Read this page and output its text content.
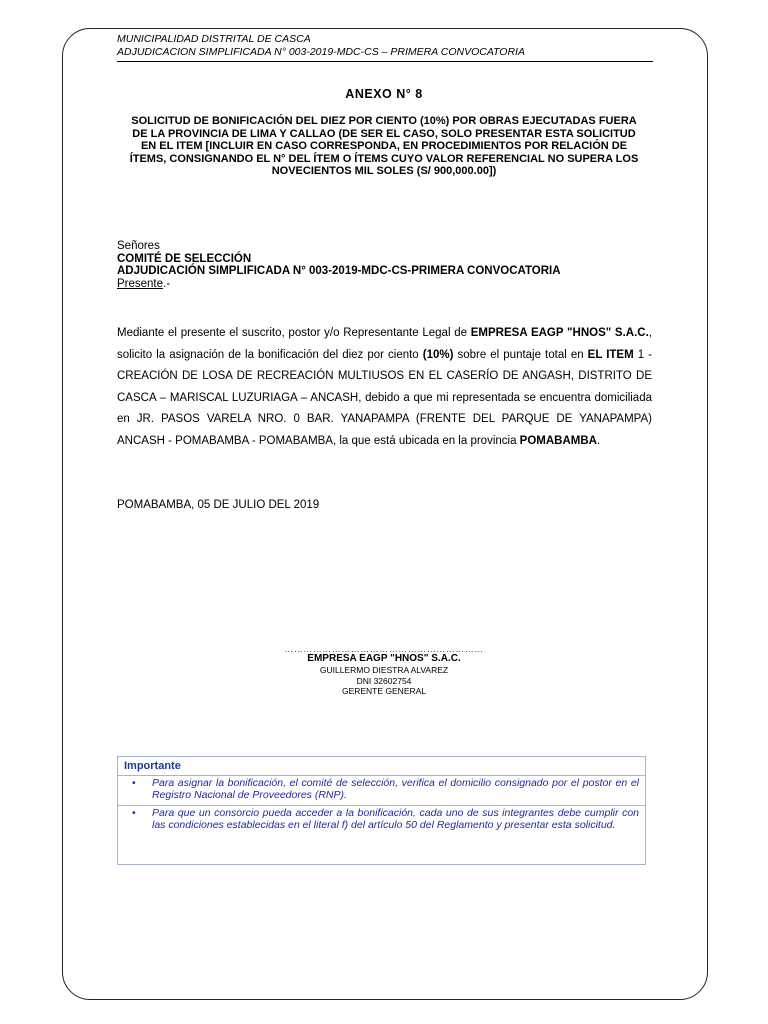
MUNICIPALIDAD DISTRITAL DE CASCA
ADJUDICACION SIMPLIFICADA N° 003-2019-MDC-CS – PRIMERA CONVOCATORIA
ANEXO N° 8
SOLICITUD DE BONIFICACIÓN DEL DIEZ POR CIENTO (10%) POR OBRAS EJECUTADAS FUERA DE LA PROVINCIA DE LIMA Y CALLAO (DE SER EL CASO, SOLO PRESENTAR ESTA SOLICITUD EN EL ITEM [INCLUIR EN CASO CORRESPONDA, EN PROCEDIMIENTOS POR RELACIÓN DE ÍTEMS, CONSIGNANDO EL N° DEL ÍTEM O ÍTEMS CUYO VALOR REFERENCIAL NO SUPERA LOS NOVECIENTOS MIL SOLES (S/ 900,000.00])
Señores
COMITÉ DE SELECCIÓN
ADJUDICACIÓN SIMPLIFICADA N° 003-2019-MDC-CS-PRIMERA CONVOCATORIA
Presente.-
Mediante el presente el suscrito, postor y/o Representante Legal de EMPRESA EAGP "HNOS" S.A.C., solicito la asignación de la bonificación del diez por ciento (10%) sobre el puntaje total en EL ITEM 1 - CREACIÓN DE LOSA DE RECREACIÓN MULTIUSOS EN EL CASERÍO DE ANGASH, DISTRITO DE CASCA – MARISCAL LUZURIAGA – ANCASH, debido a que mi representada se encuentra domiciliada en JR. PASOS VARELA NRO. 0 BAR. YANAPAMPA (FRENTE DEL PARQUE DE YANAPAMPA) ANCASH - POMABAMBA - POMABAMBA, la que está ubicada en la provincia POMABAMBA.
POMABAMBA, 05 DE JULIO DEL 2019
………………………………………………………
EMPRESA EAGP "HNOS" S.A.C.
GUILLERMO DIESTRA ALVAREZ
DNI 32602754
GERENTE GENERAL
Importante
• Para asignar la bonificación, el comité de selección, verifica el domicilio consignado por el postor en el Registro Nacional de Proveedores (RNP).
• Para que un consorcio pueda acceder a la bonificación, cada uno de sus integrantes debe cumplir con las condiciones establecidas en el literal f) del artículo 50 del Reglamento y presentar esta solicitud.
